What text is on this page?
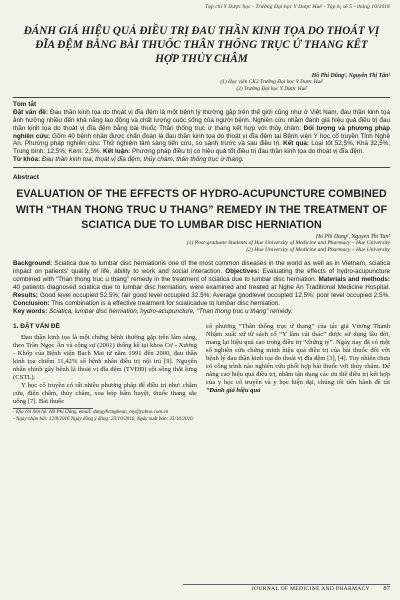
Tạp chí Y Dược học - Trường Đại học Y Dược Huế - Tập 6, số 5 - tháng 10/2016
ĐÁNH GIÁ HIỆU QUẢ ĐIỀU TRỊ ĐAU THẦN KINH TỌA DO THOÁT VỊ ĐĨA ĐỆM BẰNG BÀI THUỐC THÂN THỐNG TRỤC Ứ THANG KẾT HỢP THỦY CHÂM
Hồ Phi Dũng¹, Nguyễn Thị Tân²
(1) Học viên CK2 Trường Đại học Y Dược Huế
(2) Trường Đại học Y Dược Huế
Tóm tắt
Đặt vấn đề: Đau thần kinh tọa do thoát vị đĩa đệm là một bệnh lý thường gặp trên thế giới cũng như ở Việt Nam, đau thần kinh tọa ảnh hưởng nhiều đến khả năng lao động và chất lượng cuộc sống của người bệnh. Nghiên cứu nhằm đánh giá hiệu quả điều trị đau thần kinh tọa do thoát vị đĩa đệm bằng bài thuốc Thân thống trục ứ thang kết hợp với thủy châm. Đối tượng và phương pháp nghiên cứu: Gồm 40 bệnh nhân được chẩn đoán là đau thần kinh tọa do thoát vị đĩa đệm tại Bệnh viện Y học cổ truyền Tỉnh Nghệ An. Phương pháp nghiên cứu: Thử nghiệm lâm sàng tiến cứu, so sánh trước và sau điều trị. Kết quả: Loại tốt 52,5%, Khá 32,5%; Trung bình: 12,5%; Kém: 2,5%. Kết luận: Phương pháp điều trị có hiệu quả tốt điều trị đau thần kinh tọa do thoát vị đĩa đệm.
Từ khóa: Đau thần kinh tọa, thoát vị đĩa đệm, thủy châm, thân thống trục ứ thang.
Abstract
EVALUATION OF THE EFFECTS OF HYDRO-ACUPUNCTURE COMBINED WITH “THAN THONG TRUC U THANG” REMEDY IN THE TREATMENT OF SCIATICA DUE TO LUMBAR DISC HERNIATION
Ho Phi Dung¹, Nguyen Thi Tan²
(1) Post-graduate Students of Hue University of Medicine and Pharmacy – Hue University
(2) Hue University of Medicine and Pharmacy – Hue University
Background: Sciatica due to lumbar disc herniationis one of the most common diseases in the world as well as in Vietnam, sciatica impact on patients' quality of life, ability to work and social interaction. Objectives: Evaluating the effects of hydro-acupuncture combined with “Than thong truc u thang” remedy in the treatment of sciatica due to lumbar disc herniation. Materials and methods: 40 patients diagnosed sciatica due to lumbar disc herniation, were examined and treated at Nghe An Traditional Medicine Hospital. Results: Good level occupied 52.5%; fair good level occupied 32.5%; Average goodlevel occupied 12.5%; poor level occupied 2.5%. Conclusion: This combination is a effective treatment for sciaticadue to lumbar disc herniation.
Key words: Sciatica, lumbar disc herniation, hydro-acupuncture, “Than thong truc u thang” remedy.
1. ĐẶT VẤN ĐỀ
Đau thần kinh tọa là một chứng bệnh thường gặp trên lâm sàng, theo Trần Ngọc Ân và cộng sự (2001) thống kê tại khoa Cơ - Xương - Khớp của Bệnh viện Bạch Mai từ năm 1991 đến 2000, đau thần kinh tọa chiếm 11,42% số bệnh nhân điều trị nội trú [9]. Nguyên nhân chính gây bệnh là thoát vị đĩa đệm (TVĐĐ) cột sống thắt lưng (CSTL).
Y học cổ truyền có rất nhiều phương pháp để điều trị như: châm cứu, điện châm, thủy châm, xoa bóp bấm huyệt, thuốc thang sắc uống [7]. Bài thuốc
- Địa chỉ liên hệ: Hồ Phi Dũng, email: dungyhctnghean_my@yahoo.com.vn
- Ngày nhận bài: 12/8/2016 Ngày đồng ý đăng: 25/10/2016, Ngày xuất bản: 25/10/2016
cổ phương “Thân thống trục ứ thang” của tác giả Vương Thanh Nhậm xuất xứ từ sách cổ “Y lâm cải thác” được sử dụng lâu đời, mang lại hiệu quả cao trong điều trị “chứng tý”. Ngày nay đã có một số nghiên cứu chứng minh hiệu quả điều trị của bài thuốc đối với bệnh lý đau thần kinh tọa do thoát vị đĩa đệm [3], [4]. Tuy nhiên chưa có công trình nào nghiên cứu phối hợp bài thuốc với thủy châm. Để nâng cao hiệu quả điều trị, nhằm tận dụng các ưu thế điều trị kết hợp của y học cổ truyền và y học hiện đại, chúng tôi tiến hành đề tài “Đánh giá hiệu quả
JOURNAL OF MEDICINE AND PHARMACY 87
